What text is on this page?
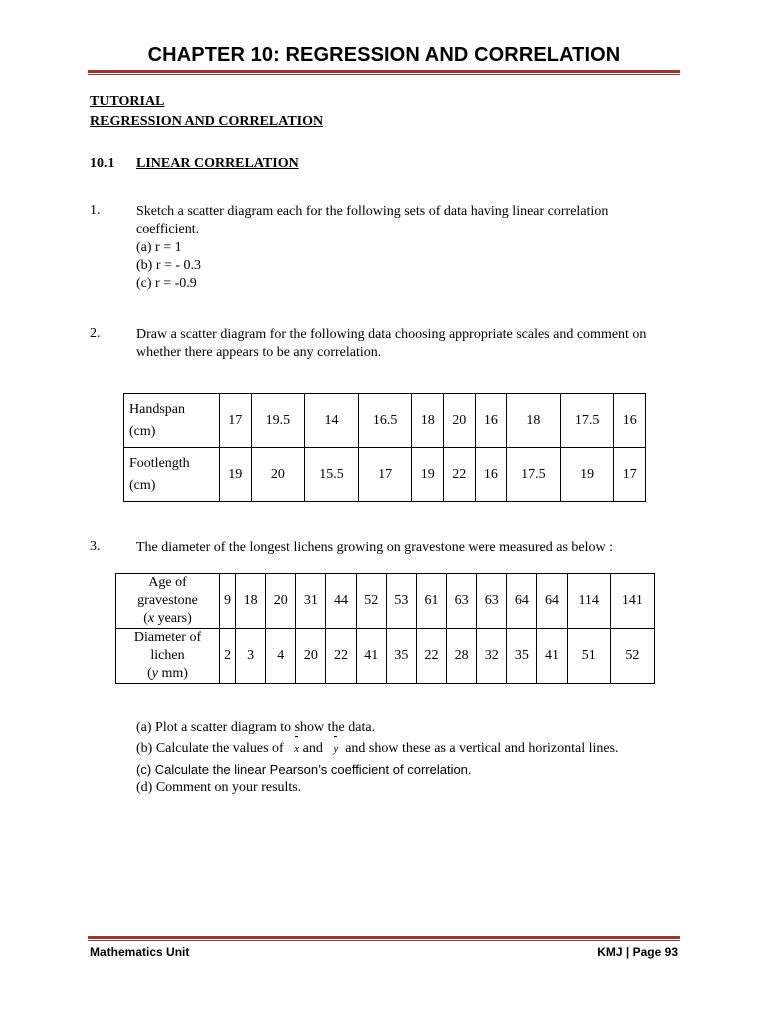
CHAPTER 10: REGRESSION AND CORRELATION
TUTORIAL
REGRESSION AND CORRELATION
10.1 LINEAR CORRELATION
1.	Sketch a scatter diagram each for the following sets of data having linear correlation coefficient.
(a) r = 1
(b) r = - 0.3
(c) r = -0.9
2.	Draw a scatter diagram for the following data choosing appropriate scales and comment on whether there appears to be any correlation.
Handspan
(cm)	17	19.5	14	16.5	18	20	16	18	17.5	16

Footlength
(cm)	19	20	15.5	17	19	22	16	17.5	19	17
3.	The diameter of the longest lichens growing on gravestone were measured as below :
Age of
gravestone
(x years)	9	18	20	31	44	52	53	61	63	63	64	64	114	141

Diameter of
lichen
(y mm)	2	3	4	20	22	41	35	22	28	32	35	41	51	52
(a) Plot a scatter diagram to show the data.
(b) Calculate the values of x and y and show these as a vertical and horizontal lines.
(c) Calculate the linear Pearson’s coefficient of correlation.
(d) Comment on your results.
Mathematics Unit	KMJ | Page 93
